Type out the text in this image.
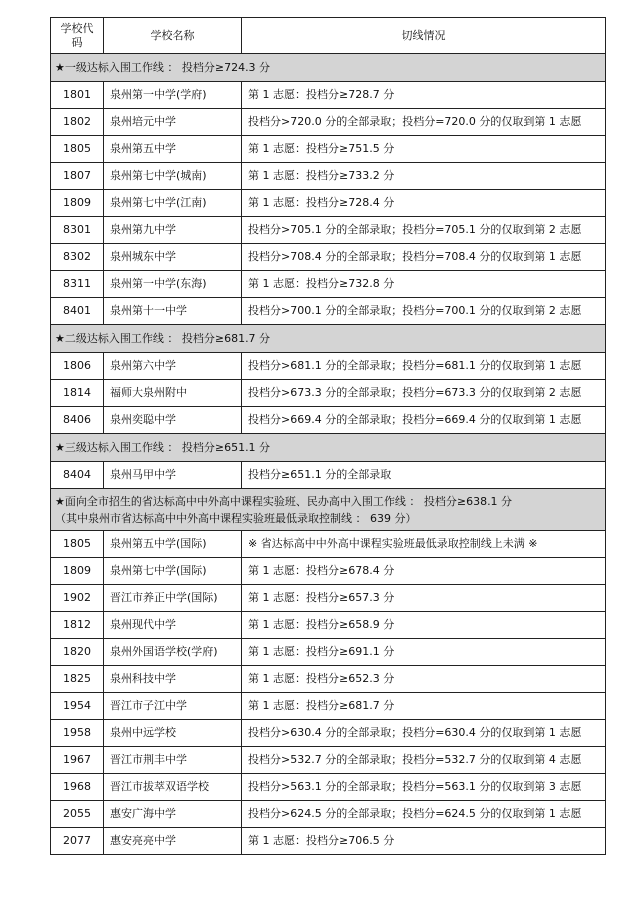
学校代
码	学校名称	切线情况

★一级达标入围工作线 ： 投档分≥724.3 分		

1801	泉州第一中学(学府)	第 1 志愿：投档分≥728.7 分
1802	泉州培元中学	投档分>720.0 分的全部录取；投档分=720.0 分的仅取到第 1 志愿
1805	泉州第五中学	第 1 志愿：投档分≥751.5 分
1807	泉州第七中学(城南)	第 1 志愿：投档分≥733.2 分
1809	泉州第七中学(江南)	第 1 志愿：投档分≥728.4 分
8301	泉州第九中学	投档分>705.1 分的全部录取；投档分=705.1 分的仅取到第 2 志愿
8302	泉州城东中学	投档分>708.4 分的全部录取；投档分=708.4 分的仅取到第 1 志愿
8311	泉州第一中学(东海)	第 1 志愿：投档分≥732.8 分
8401	泉州第十一中学	投档分>700.1 分的全部录取；投档分=700.1 分的仅取到第 2 志愿

★二级达标入围工作线 ： 投档分≥681.7 分		

1806	泉州第六中学	投档分>681.1 分的全部录取；投档分=681.1 分的仅取到第 1 志愿
1814	福师大泉州附中	投档分>673.3 分的全部录取；投档分=673.3 分的仅取到第 2 志愿
8406	泉州奕聪中学	投档分>669.4 分的全部录取；投档分=669.4 分的仅取到第 1 志愿

★三级达标入围工作线 ： 投档分≥651.1 分		

8404	泉州马甲中学	投档分≥651.1 分的全部录取

★面向全市招生的省达标高中中外高中课程实验班、民办高中入围工作线 ： 投档分≥638.1 分
（其中泉州市省达标高中中外高中课程实验班最低录取控制线 ： 639 分）		

1805	泉州第五中学(国际)	※ 省达标高中中外高中课程实验班最低录取控制线上未满 ※
1809	泉州第七中学(国际)	第 1 志愿：投档分≥678.4 分
1902	晋江市养正中学(国际)	第 1 志愿：投档分≥657.3 分
1812	泉州现代中学	第 1 志愿：投档分≥658.9 分
1820	泉州外国语学校(学府)	第 1 志愿：投档分≥691.1 分
1825	泉州科技中学	第 1 志愿：投档分≥652.3 分
1954	晋江市子江中学	第 1 志愿：投档分≥681.7 分
1958	泉州中远学校	投档分>630.4 分的全部录取；投档分=630.4 分的仅取到第 1 志愿
1967	晋江市荆丰中学	投档分>532.7 分的全部录取；投档分=532.7 分的仅取到第 4 志愿
1968	晋江市拔萃双语学校	投档分>563.1 分的全部录取；投档分=563.1 分的仅取到第 3 志愿
2055	惠安广海中学	投档分>624.5 分的全部录取；投档分=624.5 分的仅取到第 1 志愿
2077	惠安亮亮中学	第 1 志愿：投档分≥706.5 分
